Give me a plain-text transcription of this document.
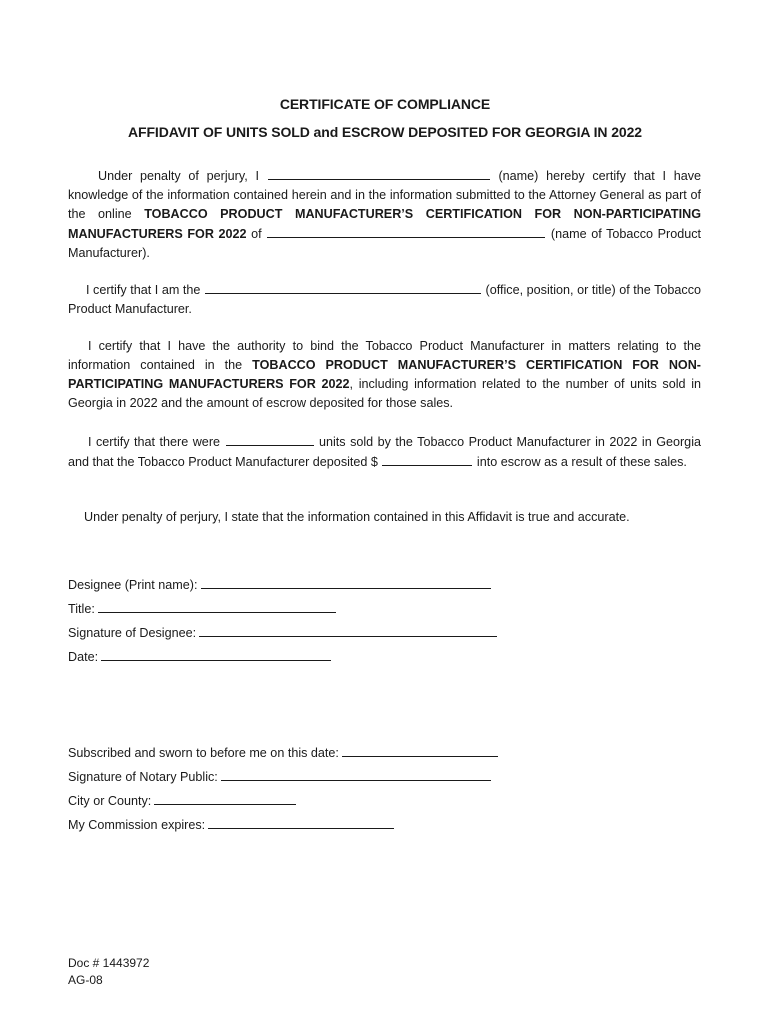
CERTIFICATE OF COMPLIANCE
AFFIDAVIT OF UNITS SOLD and ESCROW DEPOSITED FOR GEORGIA IN 2022
Under penalty of perjury, I	(name) hereby certify that I have knowledge of the information contained herein and in the information submitted to the Attorney General as part of the online TOBACCO PRODUCT MANUFACTURER’S CERTIFICATION FOR NON-PARTICIPATING MANUFACTURERS FOR 2022 of	(name of Tobacco Product Manufacturer).
I certify that I am the	(office, position, or title) of the Tobacco Product Manufacturer.
I certify that I have the authority to bind the Tobacco Product Manufacturer in matters relating to the information contained in the TOBACCO PRODUCT MANUFACTURER’S CERTIFICATION FOR NON-PARTICIPATING MANUFACTURERS FOR 2022, including information related to the number of units sold in Georgia in 2022 and the amount of escrow deposited for those sales.
I certify that there were	units sold by the Tobacco Product Manufacturer in 2022 in Georgia and that the Tobacco Product Manufacturer deposited $	into escrow as a result of these sales.
Under penalty of perjury, I state that the information contained in this Affidavit is true and accurate.
Designee (Print name):
Title:
Signature of Designee:
Date:
Subscribed and sworn to before me on this date:
Signature of Notary Public:
City or County:
My Commission expires:
Doc # 1443972
AG-08
